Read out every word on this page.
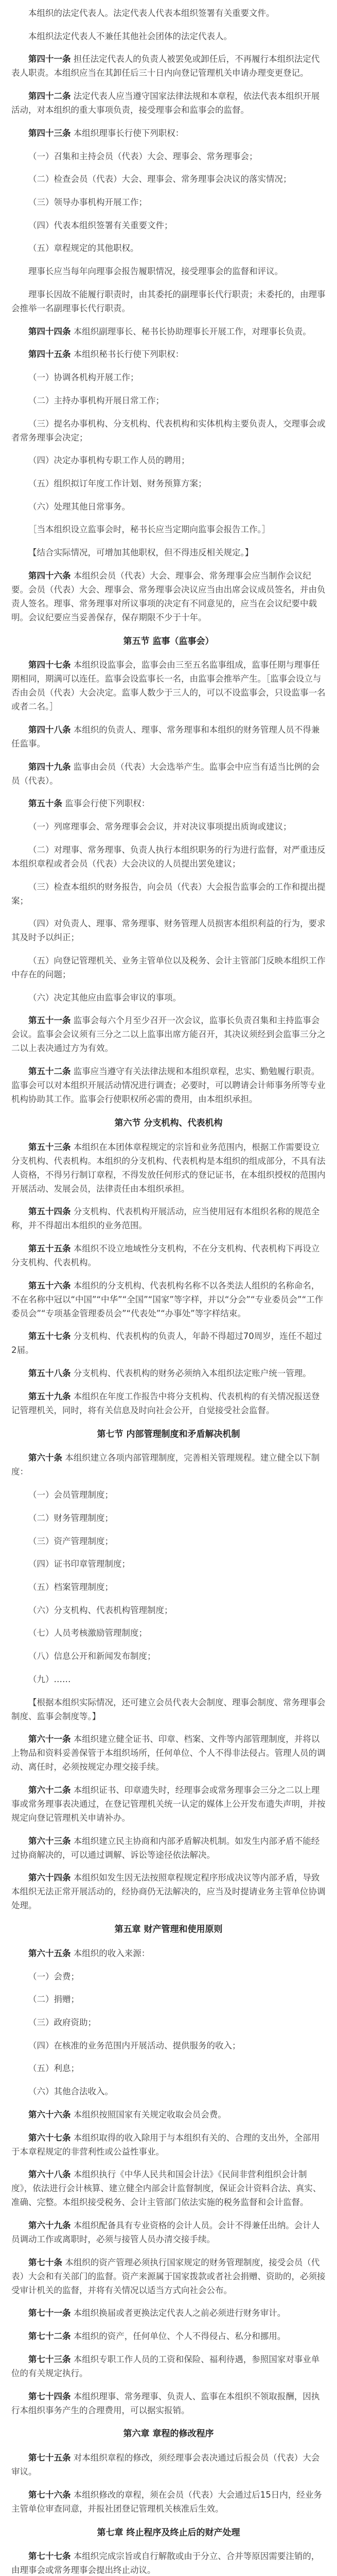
本组织的法定代表人。法定代表人代表本组织签署有关重要文件。

本组织法定代表人不兼任其他社会团体的法定代表人。

第四十一条 担任法定代表人的负责人被罢免或卸任后，不再履行本组织法定代表人职责。本组织应当在其卸任后三十日内向登记管理机关申请办理变更登记。

第四十二条 法定代表人应当遵守国家法律法规和本章程，依法代表本组织开展活动，对本组织的重大事项负责，接受理事会和监事会的监督。

第四十三条 本组织理事长行使下列职权：

（一）召集和主持会员（代表）大会、理事会、常务理事会；

（二）检查会员（代表）大会、理事会、常务理事会决议的落实情况；

（三）领导办事机构开展工作；

（四）代表本组织签署有关重要文件；

（五）章程规定的其他职权。

理事长应当每年向理事会报告履职情况，接受理事会的监督和评议。

理事长因故不能履行职责时，由其委托的副理事长代行职责；未委托的，由理事会推举一名副理事长代行职责。

第四十四条 本组织副理事长、秘书长协助理事长开展工作，对理事长负责。

第四十五条 本组织秘书长行使下列职权：

（一）协调各机构开展工作；

（二）主持办事机构开展日常工作；

（三）提名办事机构、分支机构、代表机构和实体机构主要负责人，交理事会或者常务理事会决定；

（四）决定办事机构专职工作人员的聘用；

（五）组织拟订年度工作计划、财务预算方案；

（六）处理其他日常事务。

［当本组织设立监事会时，秘书长应当定期向监事会报告工作。］

【结合实际情况，可增加其他职权，但不得违反相关规定。】

第四十六条 本组织会员（代表）大会、理事会、常务理事会应当制作会议纪要。会员（代表）大会、理事会、常务理事会决议应当由出席会议成员签名，并由负责人签名。理事、常务理事对所议事项的决定有不同意见的，应当在会议纪要中载明。会议纪要应当妥善保存，保存期限不少于十年。

第五节 监事（监事会）

第四十七条 本组织设监事会，监事会由三至五名监事组成，监事任期与理事任期相同，期满可以连任。监事会设监事长一名，由监事会推举产生。［监事会设立与否由会员（代表）大会决定。监事人数少于三人的，可以不设监事会，只设监事一名或者二名。］

第四十八条 本组织的负责人、理事、常务理事和本组织的财务管理人员不得兼任监事。

第四十九条 监事由会员（代表）大会选举产生。监事会中应当有适当比例的会员（代表）。

第五十条 监事会行使下列职权：

（一）列席理事会、常务理事会会议，并对决议事项提出质询或建议；

（二）对理事、常务理事、负责人执行本组织职务的行为进行监督，对严重违反本组织章程或者会员（代表）大会决议的人员提出罢免建议；

（三）检查本组织的财务报告，向会员（代表）大会报告监事会的工作和提出提案；

（四）对负责人、理事、常务理事、财务管理人员损害本组织利益的行为，要求其及时予以纠正；

（五）向登记管理机关、业务主管单位以及税务、会计主管部门反映本组织工作中存在的问题；

（六）决定其他应由监事会审议的事项。

第五十一条 监事会每六个月至少召开一次会议，监事长负责召集和主持监事会会议。监事会会议须有三分之二以上监事出席方能召开，其决议须经到会监事三分之二以上表决通过方为有效。

第五十二条 监事应当遵守有关法律法规和本组织章程，忠实、勤勉履行职责。监事会可以对本组织开展活动情况进行调查；必要时，可以聘请会计师事务所等专业机构协助其工作。监事会行使职权所必需的费用，由本组织承担。

第六节 分支机构、代表机构

第五十三条 本组织在本团体章程规定的宗旨和业务范围内，根据工作需要设立分支机构、代表机构。本组织的分支机构、代表机构是本组织的组成部分，不具有法人资格，不得另行制订章程，不得发放任何形式的登记证书，在本组织授权的范围内开展活动、发展会员，法律责任由本组织承担。

第五十四条 分支机构、代表机构开展活动，应当使用冠有本组织名称的规范全称，并不得超出本组织的业务范围。

第五十五条 本组织不设立地域性分支机构，不在分支机构、代表机构下再设立分支机构、代表机构。

第五十六条 本组织的分支机构、代表机构名称不以各类法人组织的名称命名，不在名称中冠以“中国”“中华”“全国”“国家”等字样，并以“分会”“专业委员会”“工作委员会”“专项基金管理委员会”“代表处”“办事处”等字样结束。

第五十七条 分支机构、代表机构的负责人，年龄不得超过70周岁，连任不超过2届。

第五十八条 分支机构、代表机构的财务必须纳入本组织法定账户统一管理。

第五十九条 本组织在年度工作报告中将分支机构、代表机构的有关情况报送登记管理机关，同时，将有关信息及时向社会公开，自觉接受社会监督。

第七节 内部管理制度和矛盾解决机制

第六十条 本组织建立各项内部管理制度，完善相关管理规程。建立健全以下制度：

（一）会员管理制度；

（二）财务管理制度；

（三）资产管理制度；

（四）证书印章管理制度；

（五）档案管理制度；

（六）分支机构、代表机构管理制度；

（七）人员考核激励管理制度；

（八）信息公开和新闻发布制度；

（九）……

【根据本组织实际情况，还可建立会员代表大会制度、理事会制度、常务理事会制度、监事会制度等。】

第六十一条 本组织建立健全证书、印章、档案、文件等内部管理制度，并将以上物品和资料妥善保管于本组织场所，任何单位、个人不得非法侵占。管理人员的调动、离任时，必须按规定办理交接手续。

第六十二条 本组织证书、印章遗失时，经理事会或常务理事会三分之二以上理事或常务理事表决通过，在登记管理机关统一认定的媒体上公开发布遗失声明，并按规定向登记管理机关申请补办。

第六十三条 本组织建立民主协商和内部矛盾解决机制。如发生内部矛盾不能经过协商解决的，可以通过调解、诉讼等途径依法解决。

第六十四条 本组织如发生因无法按照章程规定程序形成决议等内部矛盾，导致本组织无法正常开展活动的，经协商仍无法解决的，应当及时提请业务主管单位协调处理。

第五章 财产管理和使用原则

第六十五条 本组织的收入来源：

（一）会费；

（二）捐赠；

（三）政府资助；

（四）在核准的业务范围内开展活动、提供服务的收入；

（五）利息；

（六）其他合法收入。

第六十六条 本组织按照国家有关规定收取会员会费。

第六十七条 本组织取得的收入除用于与本组织有关的、合理的支出外，全部用于本章程规定的非营利性或公益性事业。

第六十八条 本组织执行《中华人民共和国会计法》《民间非营利组织会计制度》，依法进行会计核算、建立健全内部会计监督制度，保证会计资料合法、真实、准确、完整。本组织接受税务、会计主管部门依法实施的税务监督和会计监督。

第六十九条 本组织配备具有专业资格的会计人员。会计不得兼任出纳。会计人员调动工作或离职时，必须与接管人员办清交接手续。

第七十条 本组织的资产管理必须执行国家规定的财务管理制度，接受会员（代表）大会和有关部门的监督。资产来源属于国家拨款或者社会捐赠、资助的，必须接受审计机关的监督，并将有关情况以适当方式向社会公布。

第七十一条 本组织换届或者更换法定代表人之前必须进行财务审计。

第七十二条 本组织的资产，任何单位、个人不得侵占、私分和挪用。

第七十三条 本组织专职工作人员的工资和保险、福利待遇，参照国家对事业单位的有关规定执行。

第七十四条 本组织理事、常务理事、负责人、监事在本组织不领取报酬，因执行本组织事务产生的合理费用，可以据实报销。

第六章 章程的修改程序

第七十五条 对本组织章程的修改，须经理事会表决通过后报会员（代表）大会审议。

第七十六条 本组织修改的章程，须在会员（代表）大会通过后15日内，经业务主管单位审查同意，并报社团登记管理机关核准后生效。

第七章 终止程序及终止后的财产处理

第七十七条 本组织完成宗旨或自行解散或由于分立、合并等原因需要注销的，由理事会或常务理事会提出终止动议。
